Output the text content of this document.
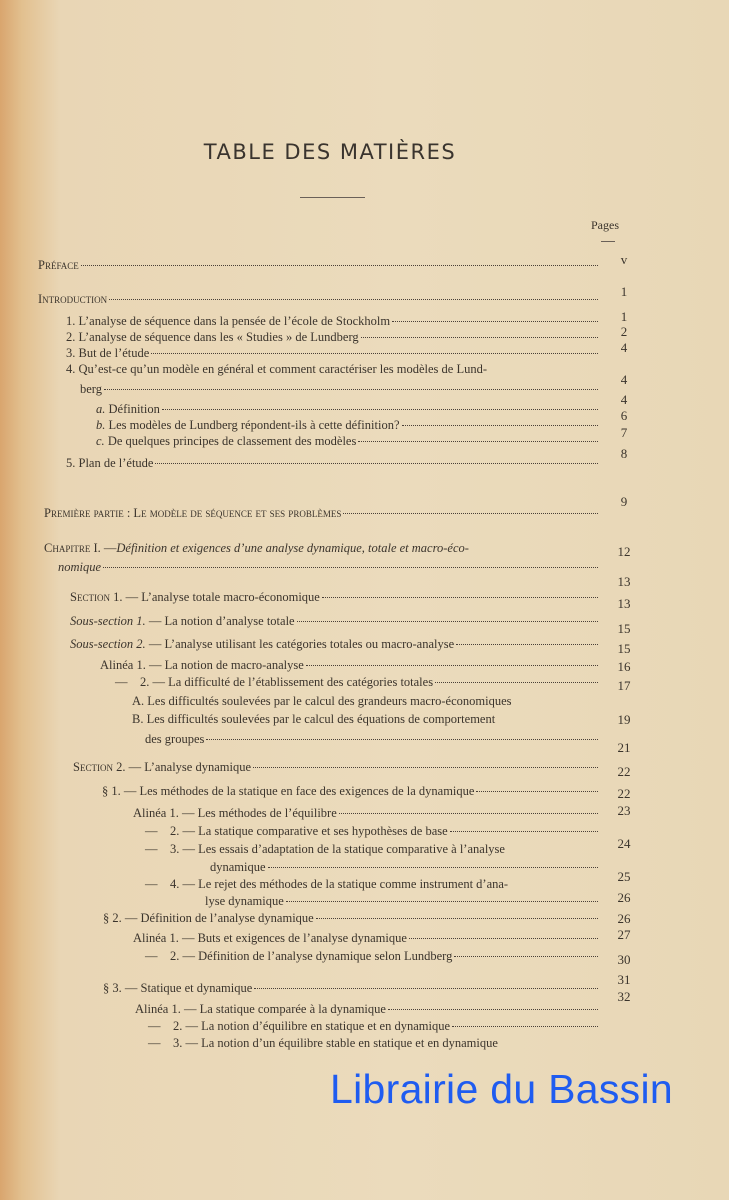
TABLE DES MATIÈRES
Pages
Préface
Introduction
1. L’analyse de séquence dans la pensée de l’école de Stockholm
2. L’analyse de séquence dans les « Studies » de Lundberg
3. But de l’étude
4. Qu’est-ce qu’un modèle en général et comment caractériser les modèles de Lund-
berg
a. Définition
b. Les modèles de Lundberg répondent-ils à cette définition?
c. De quelques principes de classement des modèles
5. Plan de l’étude
Première partie : Le modèle de séquence et ses problèmes
Chapitre I. — Définition et exigences d’une analyse dynamique, totale et macro-éco-
nomique
Section 1. — L’analyse totale macro-économique
Sous-section 1. — La notion d’analyse totale
Sous-section 2. — L’analyse utilisant les catégories totales ou macro-analyse
Alinéa 1. — La notion de macro-analyse
—    2. — La difficulté de l’établissement des catégories totales
A. Les difficultés soulevées par le calcul des grandeurs macro-économiques
B. Les difficultés soulevées par le calcul des équations de comportement
des groupes
Section 2. — L’analyse dynamique
§ 1. — Les méthodes de la statique en face des exigences de la dynamique
Alinéa 1. — Les méthodes de l’équilibre
—    2. — La statique comparative et ses hypothèses de base
—    3. — Les essais d’adaptation de la statique comparative à l’analyse
dynamique
—    4. — Le rejet des méthodes de la statique comme instrument d’ana-
lyse dynamique
§ 2. — Définition de l’analyse dynamique
Alinéa 1. — Buts et exigences de l’analyse dynamique
—    2. — Définition de l’analyse dynamique selon Lundberg
§ 3. — Statique et dynamique
Alinéa 1. — La statique comparée à la dynamique
—    2. — La notion d’équilibre en statique et en dynamique
—    3. — La notion d’un équilibre stable en statique et en dynamique
v
1
1
2
4
4
4
6
7
8
9
12
13
13
15
15
16
17
19
21
22
22
23
24
25
26
26
27
30
31
32
Librairie du Bassin
